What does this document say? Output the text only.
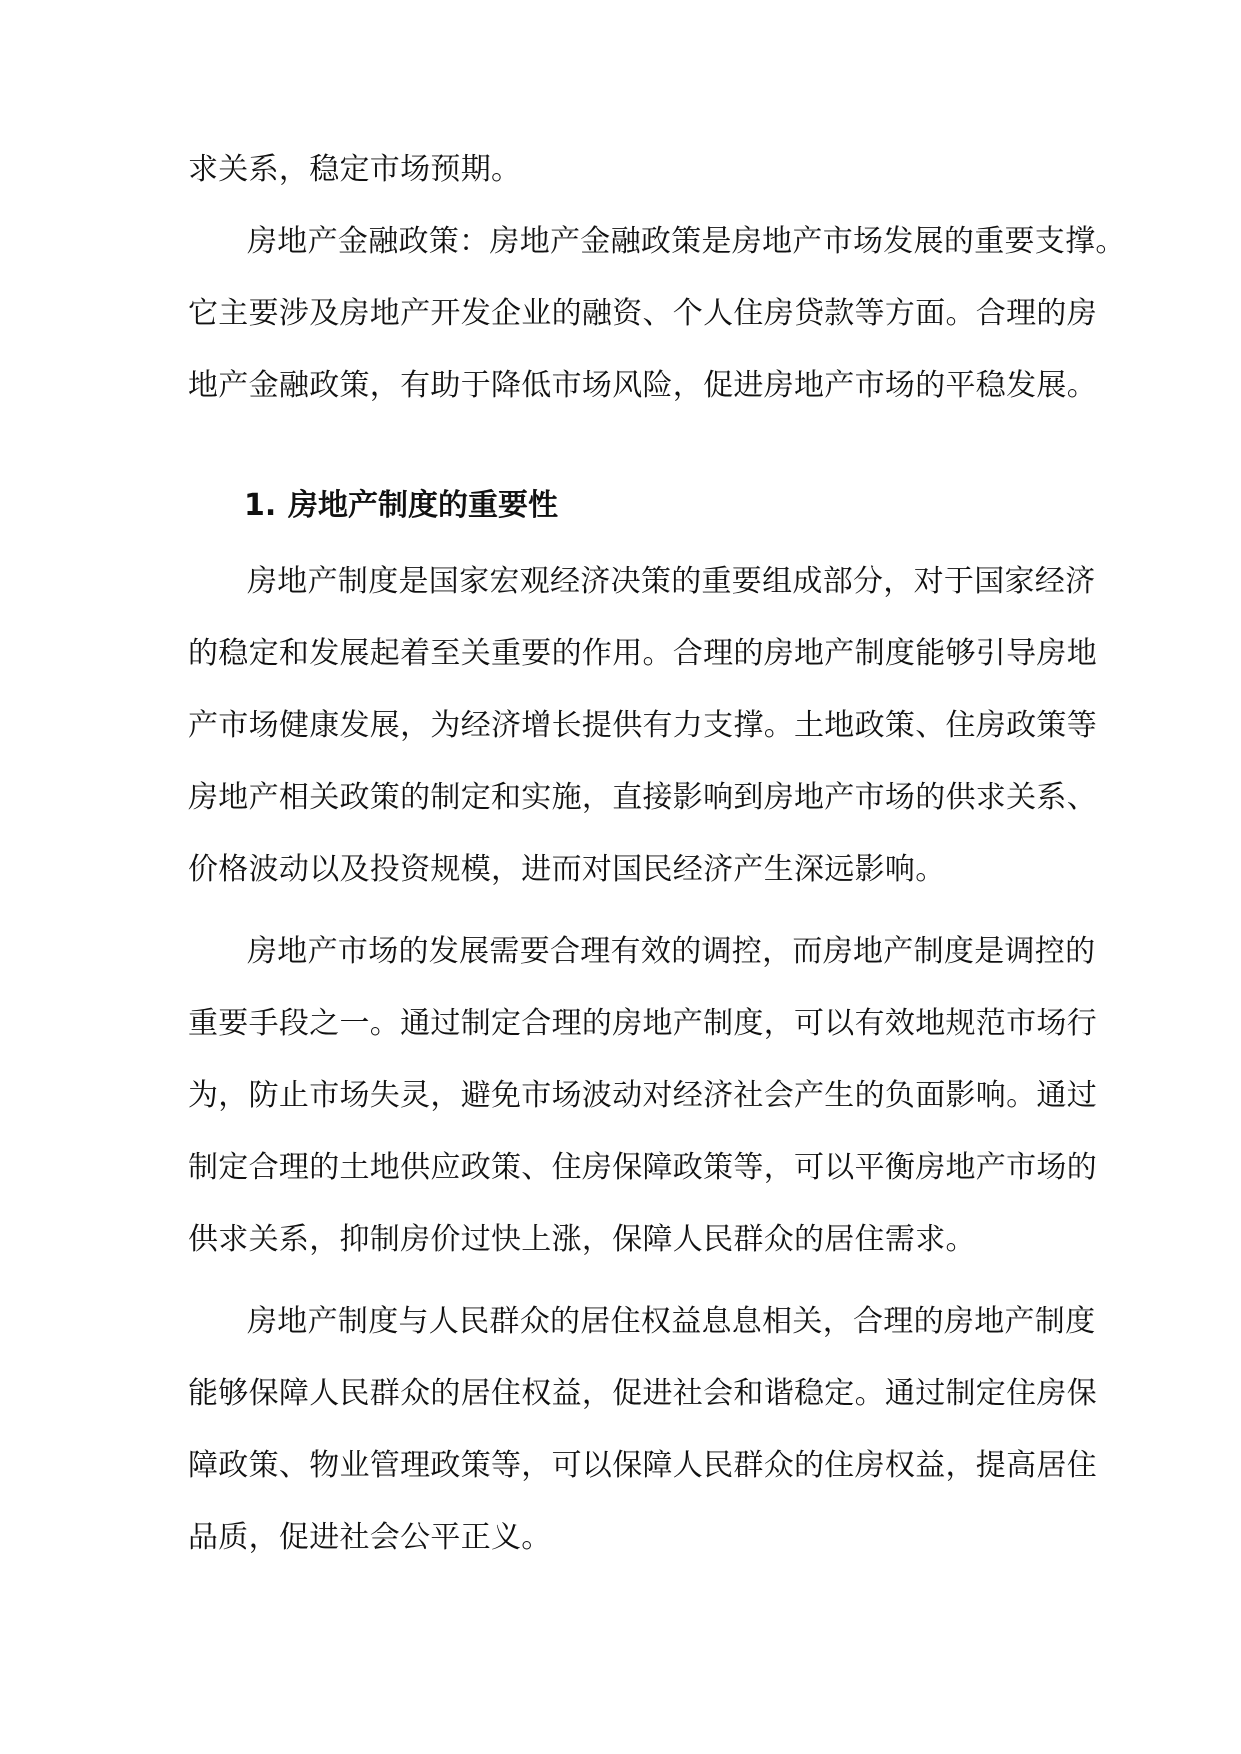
求关系，稳定市场预期。
房地产金融政策：房地产金融政策是房地产市场发展的重要支撑。
它主要涉及房地产开发企业的融资、个人住房贷款等方面。合理的房
地产金融政策，有助于降低市场风险，促进房地产市场的平稳发展。
1. 房地产制度的重要性
房地产制度是国家宏观经济决策的重要组成部分，对于国家经济
的稳定和发展起着至关重要的作用。合理的房地产制度能够引导房地
产市场健康发展，为经济增长提供有力支撑。土地政策、住房政策等
房地产相关政策的制定和实施，直接影响到房地产市场的供求关系、
价格波动以及投资规模，进而对国民经济产生深远影响。
房地产市场的发展需要合理有效的调控，而房地产制度是调控的
重要手段之一。通过制定合理的房地产制度，可以有效地规范市场行
为，防止市场失灵，避免市场波动对经济社会产生的负面影响。通过
制定合理的土地供应政策、住房保障政策等，可以平衡房地产市场的
供求关系，抑制房价过快上涨，保障人民群众的居住需求。
房地产制度与人民群众的居住权益息息相关，合理的房地产制度
能够保障人民群众的居住权益，促进社会和谐稳定。通过制定住房保
障政策、物业管理政策等，可以保障人民群众的住房权益，提高居住
品质，促进社会公平正义。
